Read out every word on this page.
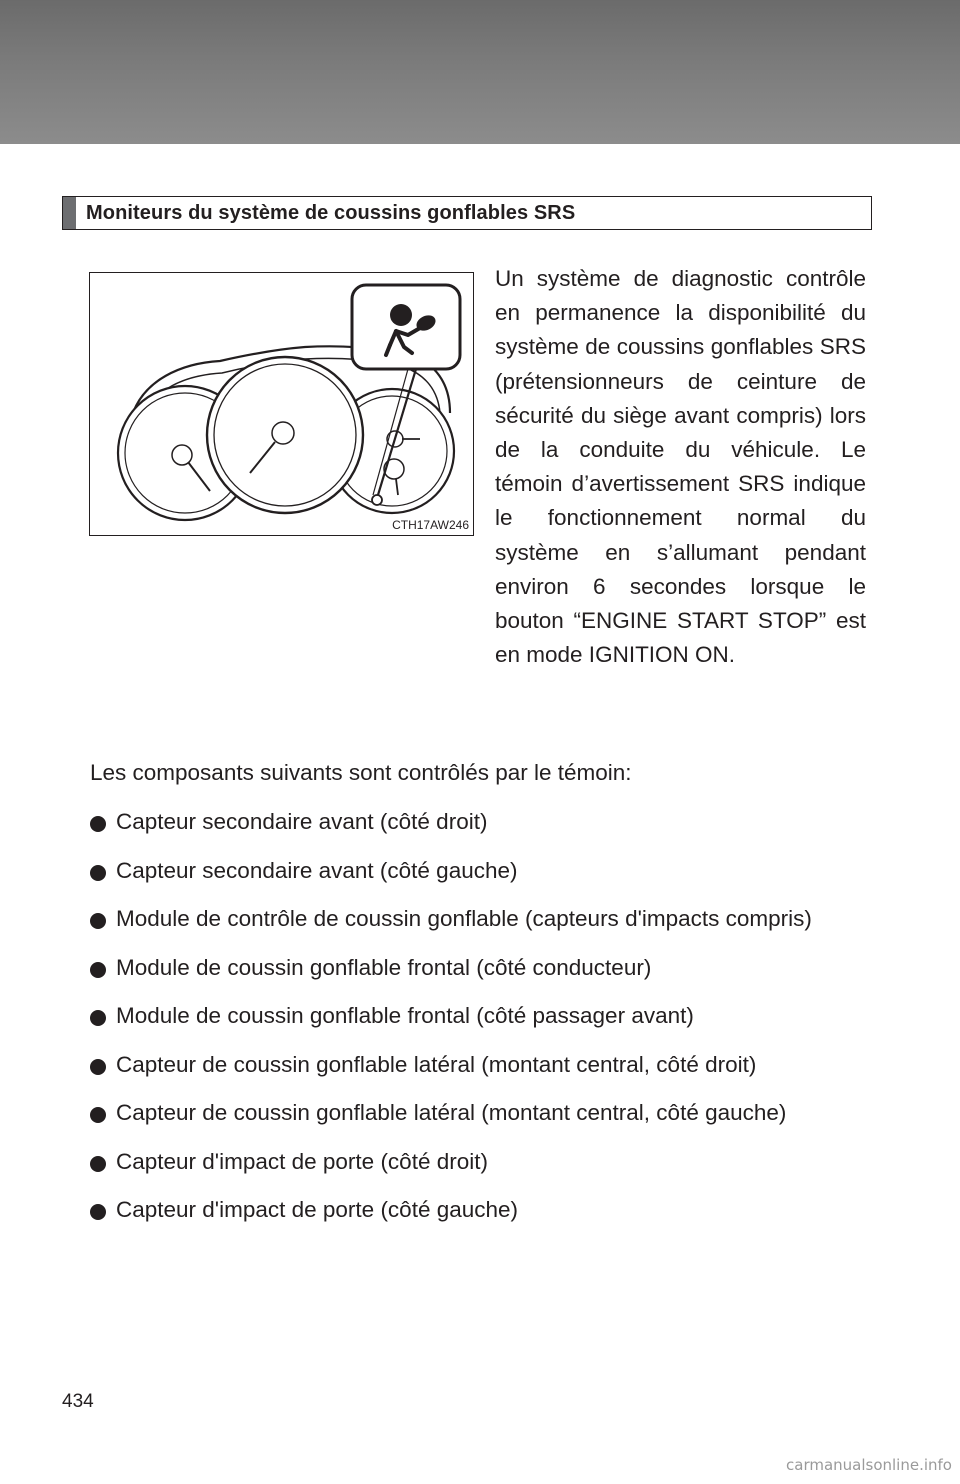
Moniteurs du système de coussins gonflables SRS
CTH17AW246

Un système de diagnostic contrôle en permanence la disponibilité du système de coussins gonflables SRS (prétensionneurs de ceinture de sécurité du siège avant compris) lors de la conduite du véhicule. Le témoin d’avertissement SRS indique le fonctionnement normal du système en s’allumant pendant environ 6 secondes lorsque le bouton “ENGINE START STOP” est en mode IGNITION ON.

Les composants suivants sont contrôlés par le témoin:

Capteur secondaire avant (côté droit)
Capteur secondaire avant (côté gauche)
Module de contrôle de coussin gonflable (capteurs d'impacts compris)
Module de coussin gonflable frontal (côté conducteur)
Module de coussin gonflable frontal (côté passager avant)
Capteur de coussin gonflable latéral (montant central, côté droit)
Capteur de coussin gonflable latéral (montant central, côté gauche)
Capteur d'impact de porte (côté droit)
Capteur d'impact de porte (côté gauche)
434
carmanualsonline.info
